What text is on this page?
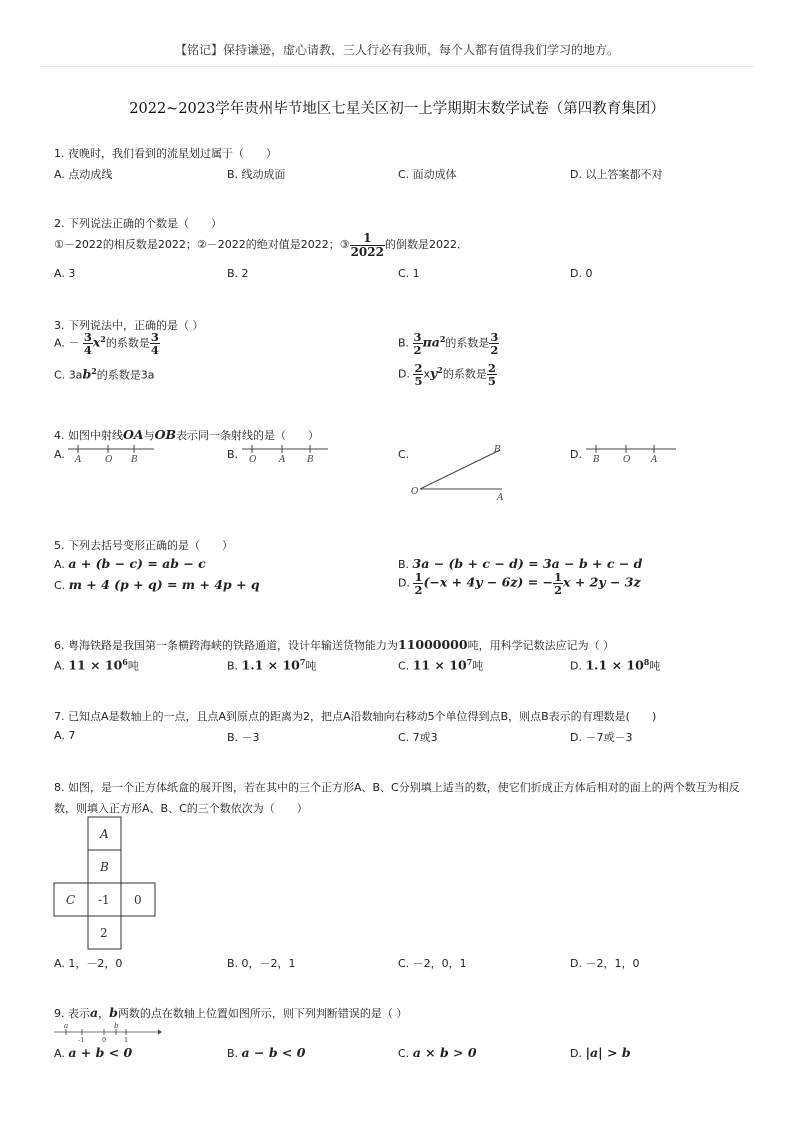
【铭记】保持谦逊，虚心请教，三人行必有我师，每个人都有值得我们学习的地方。
2022~2023学年贵州毕节地区七星关区初一上学期期末数学试卷（第四教育集团）
1. 夜晚时，我们看到的流星划过属于（　　）
A. 点动成线	B. 线动成面	C. 面动成体	D. 以上答案都不对
2. 下列说法正确的个数是（　　）
①－2022的相反数是2022；②－2022的绝对值是2022；③ $\frac{1}{2022}$ 的倒数是2022．
A. 3	B. 2	C. 1	D. 0
3. 下列说法中，正确的是（ ）
A. － $\frac{3}{4} x^2$的系数是 $\frac{3}{4}$	B. $\frac{3}{2} \pi a^2$的系数是 $\frac{3}{2}$
C. $3ab^2$的系数是3a	D. $\frac{2}{5} xy^2$的系数是 $\frac{2}{5}$
4. 如图中射线OA与OB表示同一条射线的是（　　）
A. A	O B	B. O	A B	C.
O
A
B	D. B	O A
5. 下列去括号变形正确的是（　　）
A. a + (b − c) = ab − c	B. 3a − (b + c − d) = 3a − b + c − d
C. m + 4 (p + q) = m + 4p + q	D. $\frac{1}{2} (-x + 4y - 6z)$ = − $\frac{1}{2}$ x + 2y − 3z
6. 粤海铁路是我国第一条横跨海峡的铁路通道，设计年输送货物能力为11000000吨，用科学记数法应记为（ ）
A. $11 \times 10^6$吨	B. $1.1 \times 10^7$吨	C. $11 \times 10^7$吨	D. $1.1 \times 10^8$吨
7. 已知点A是数轴上的一点，且点A到原点的距离为2，把点A沿数轴向右移动5个单位得到点B，则点B表示的有理数是(　　)
A. 7	B. －3	C. 7或3	D. －7或－3
8. 如图，是一个正方体纸盒的展开图，若在其中的三个正方形A、B、C分别填上适当的数，使它们折成正方体后相对的面上的两个数互为相反
数，则填入正方形A、B、C的三个数依次为（　　）
A
B
C -1 0
2
A. 1，－2，0	B. 0，－2，1	C. －2，0，1	D. －2，1，0
9. 表示a，b两数的点在数轴上位置如图所示，则下列判断错误的是（ ）
a
-1	0
b
1
A. a + b < 0	B. a − b < 0	C. a × b > 0	D. |a| > b
